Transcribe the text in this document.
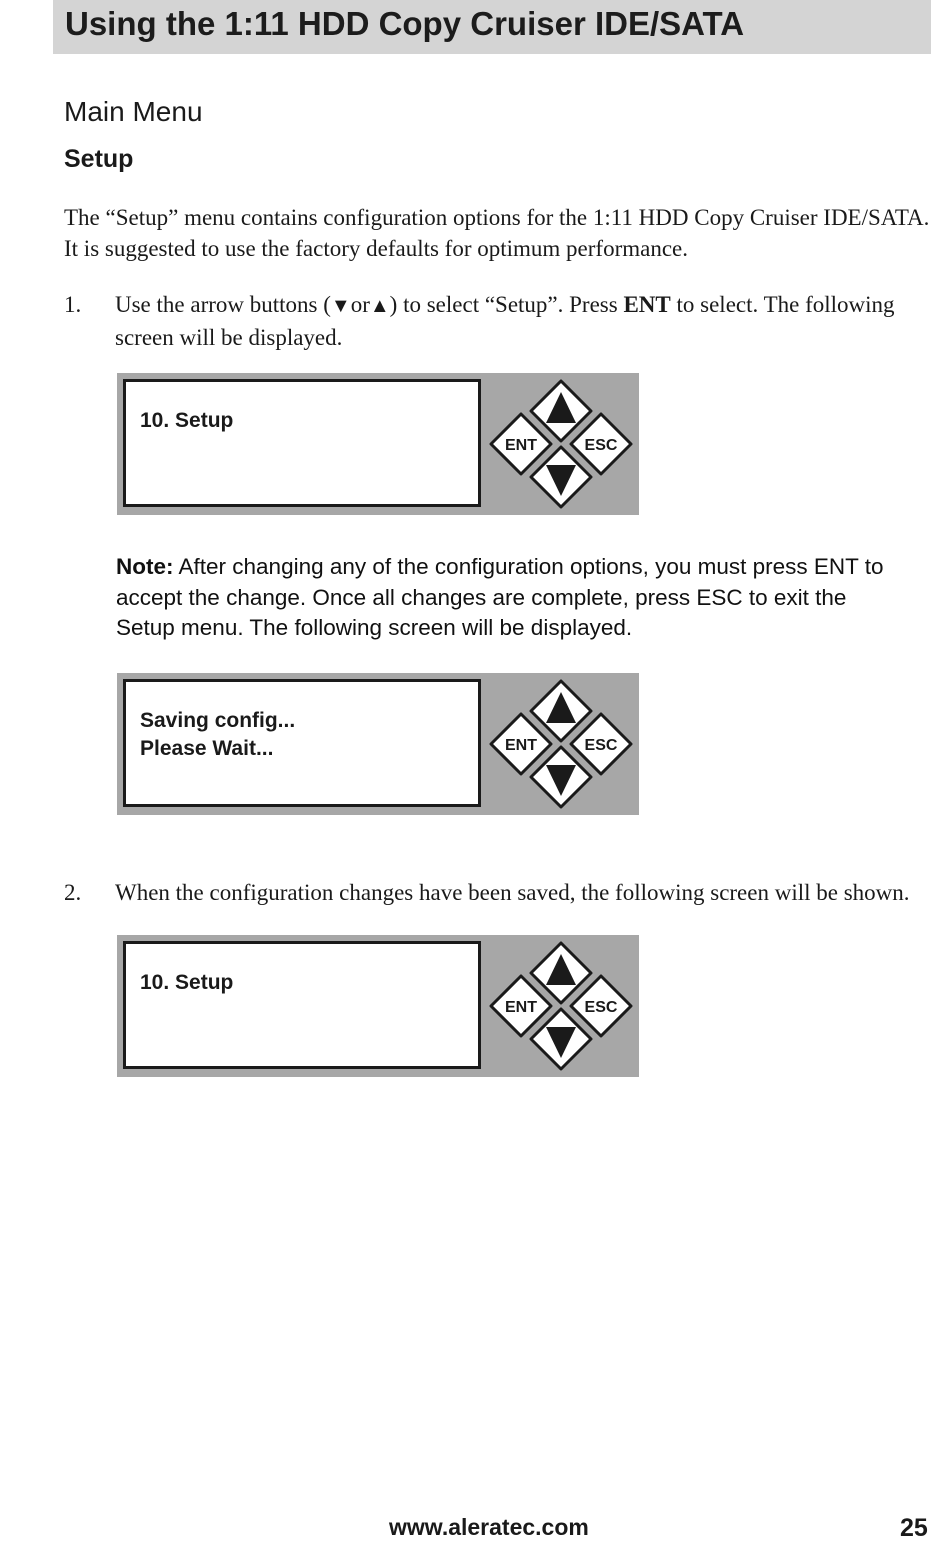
Using the 1:11 HDD Copy Cruiser IDE/SATA
Main Menu
Setup

The “Setup” menu contains configuration options for the 1:11 HDD Copy Cruiser IDE/SATA. It is suggested to use the factory defaults for optimum performance.

1. Use the arrow buttons (▼or▲) to select “Setup”. Press ENT to select. The following screen will be displayed.

10. Setup
ENT	ESC

Note: After changing any of the configuration options, you must press ENT to accept the change. Once all changes are complete, press ESC to exit the Setup menu. The following screen will be displayed.

Saving config...
Please Wait...	ENT	ESC
2. When the configuration changes have been saved, the following screen will be shown.

10. Setup
ENT	ESC
www.aleratec.com	25
